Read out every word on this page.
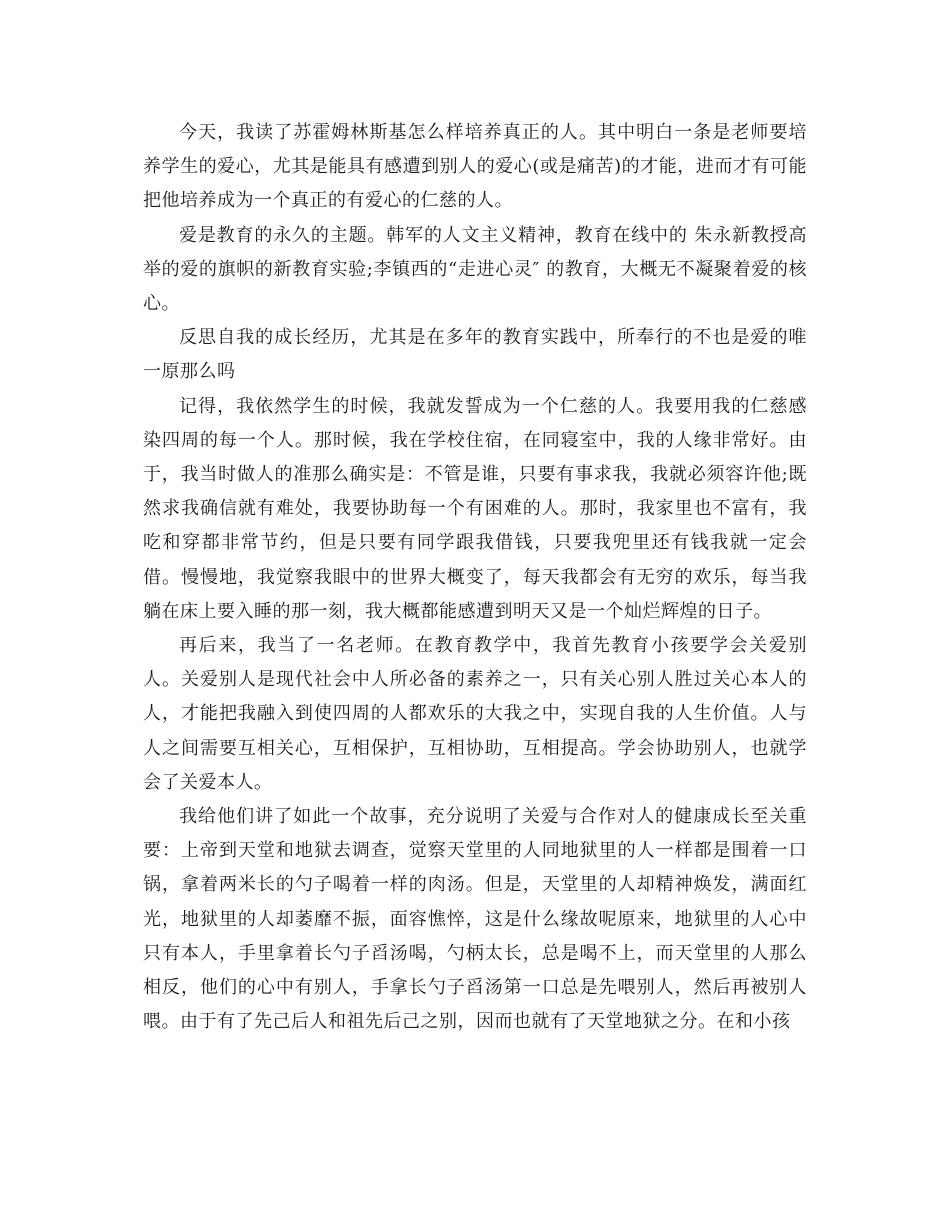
今天，我读了苏霍姆林斯基怎么样培养真正的人。其中明白一条是老师要培养学生的爱心，尤其是能具有感遭到别人的爱心(或是痛苦)的才能，进而才有可能把他培养成为一个真正的有爱心的仁慈的人。

爱是教育的永久的主题。韩军的人文主义精神，教育在线中的 朱永新教授高举的爱的旗帜的新教育实验;李镇西的“走进心灵″ 的教育，大概无不凝聚着爱的核心。

反思自我的成长经历，尤其是在多年的教育实践中，所奉行的不也是爱的唯一原那么吗

记得，我依然学生的时候，我就发誓成为一个仁慈的人。我要用我的仁慈感染四周的每一个人。那时候，我在学校住宿，在同寝室中，我的人缘非常好。由于，我当时做人的准那么确实是：不管是谁，只要有事求我，我就必须容许他;既然求我确信就有难处，我要协助每一个有困难的人。那时，我家里也不富有，我吃和穿都非常节约，但是只要有同学跟我借钱，只要我兜里还有钱我就一定会借。慢慢地，我觉察我眼中的世界大概变了，每天我都会有无穷的欢乐，每当我躺在床上要入睡的那一刻，我大概都能感遭到明天又是一个灿烂辉煌的日子。

再后来，我当了一名老师。在教育教学中，我首先教育小孩要学会关爱别人。关爱别人是现代社会中人所必备的素养之一，只有关心别人胜过关心本人的人，才能把我融入到使四周的人都欢乐的大我之中，实现自我的人生价值。人与人之间需要互相关心，互相保护，互相协助，互相提高。学会协助别人，也就学会了关爱本人。

我给他们讲了如此一个故事，充分说明了关爱与合作对人的健康成长至关重要：上帝到天堂和地狱去调查，觉察天堂里的人同地狱里的人一样都是围着一口锅，拿着两米长的勺子喝着一样的肉汤。但是，天堂里的人却精神焕发，满面红光，地狱里的人却萎靡不振，面容憔悴，这是什么缘故呢原来，地狱里的人心中只有本人，手里拿着长勺子舀汤喝，勺柄太长，总是喝不上，而天堂里的人那么相反，他们的心中有别人，手拿长勺子舀汤第一口总是先喂别人，然后再被别人喂。由于有了先己后人和祖先后己之别，因而也就有了天堂地狱之分。在和小孩
